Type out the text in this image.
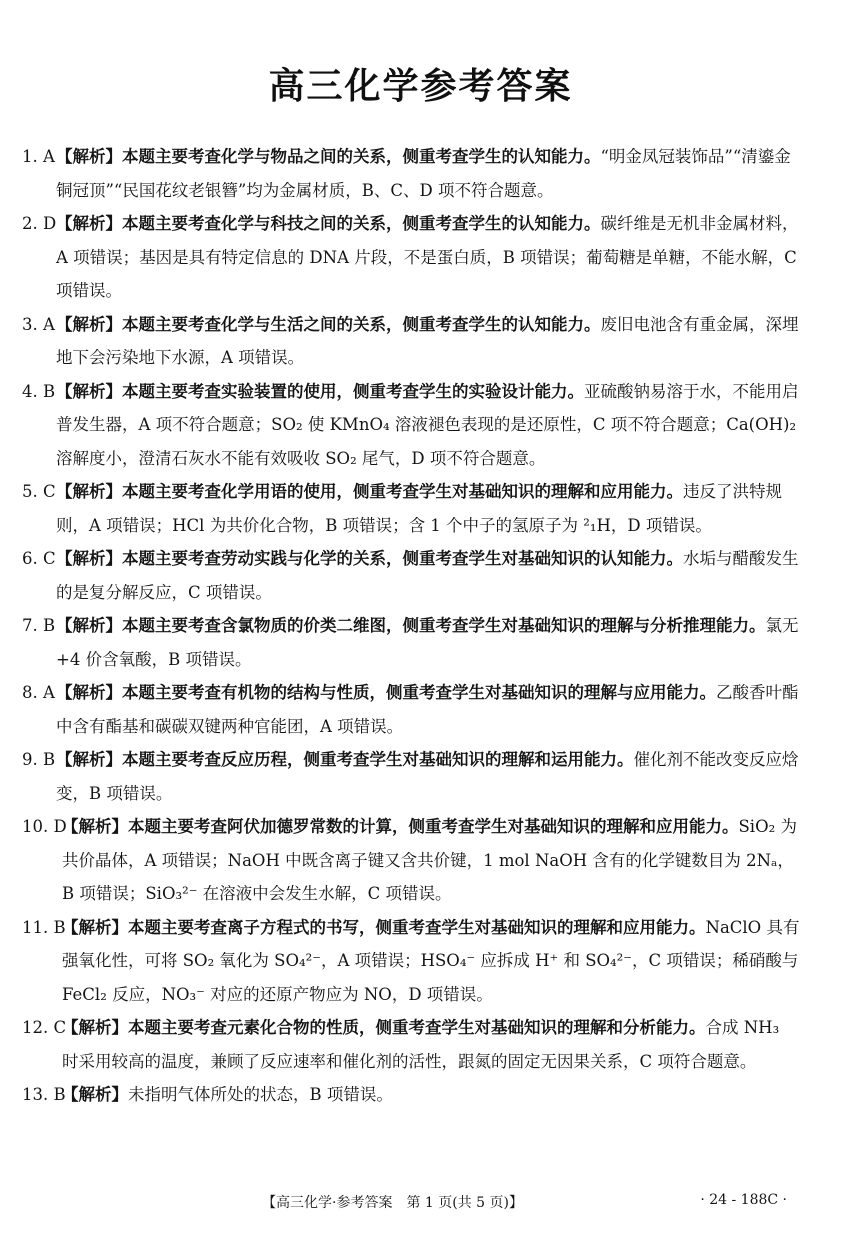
高三化学参考答案
1. A 【解析】本题主要考查化学与物品之间的关系，侧重考查学生的认知能力。“明金凤冠装饰品”“清鎏金铜冠顶”“民国花纹老银簪”均为金属材质，B、C、D 项不符合题意。
2. D 【解析】本题主要考查化学与科技之间的关系，侧重考查学生的认知能力。碳纤维是无机非金属材料，A 项错误；基因是具有特定信息的 DNA 片段，不是蛋白质，B 项错误；葡萄糖是单糖，不能水解，C 项错误。
3. A 【解析】本题主要考查化学与生活之间的关系，侧重考查学生的认知能力。废旧电池含有重金属，深埋地下会污染地下水源，A 项错误。
4. B 【解析】本题主要考查实验装置的使用，侧重考查学生的实验设计能力。亚硫酸钠易溶于水，不能用启普发生器，A 项不符合题意；SO₂ 使 KMnO₄ 溶液褪色表现的是还原性，C 项不符合题意；Ca(OH)₂ 溶解度小，澄清石灰水不能有效吸收 SO₂ 尾气，D 项不符合题意。
5. C 【解析】本题主要考查化学用语的使用，侧重考查学生对基础知识的理解和应用能力。违反了洪特规则，A 项错误；HCl 为共价化合物，B 项错误；含 1 个中子的氢原子为 ²₁H，D 项错误。
6. C 【解析】本题主要考查劳动实践与化学的关系，侧重考查学生对基础知识的认知能力。水垢与醋酸发生的是复分解反应，C 项错误。
7. B 【解析】本题主要考查含氯物质的价类二维图，侧重考查学生对基础知识的理解与分析推理能力。氯无+4 价含氧酸，B 项错误。
8. A 【解析】本题主要考查有机物的结构与性质，侧重考查学生对基础知识的理解与应用能力。乙酸香叶酯中含有酯基和碳碳双键两种官能团，A 项错误。
9. B 【解析】本题主要考查反应历程，侧重考查学生对基础知识的理解和运用能力。催化剂不能改变反应焓变，B 项错误。
10. D
【解析】本题主要考查阿伏加德罗常数的计算，侧重考查学生对基础知识的理解和应用能力。SiO₂ 为共价晶体，A 项错误；NaOH 中既含离子键又含共价键，1 mol NaOH 含有的化学键数目为 2Nₐ，B 项错误；SiO₃²⁻ 在溶液中会发生水解，C 项错误。
11. B
【解析】本题主要考查离子方程式的书写，侧重考查学生对基础知识的理解和应用能力。NaClO 具有强氧化性，可将 SO₂ 氧化为 SO₄²⁻，A 项错误；HSO₄⁻ 应拆成 H⁺ 和 SO₄²⁻，C 项错误；稀硝酸与 FeCl₂ 反应，NO₃⁻ 对应的还原产物应为 NO，D 项错误。
12. C
【解析】本题主要考查元素化合物的性质，侧重考查学生对基础知识的理解和分析能力。合成 NH₃ 时采用较高的温度，兼顾了反应速率和催化剂的活性，跟氮的固定无因果关系，C 项符合题意。
13. B
【解析】未指明气体所处的状态，B 项错误。
【高三化学·参考答案　第 1 页(共 5 页)】	· 24 - 188C ·
